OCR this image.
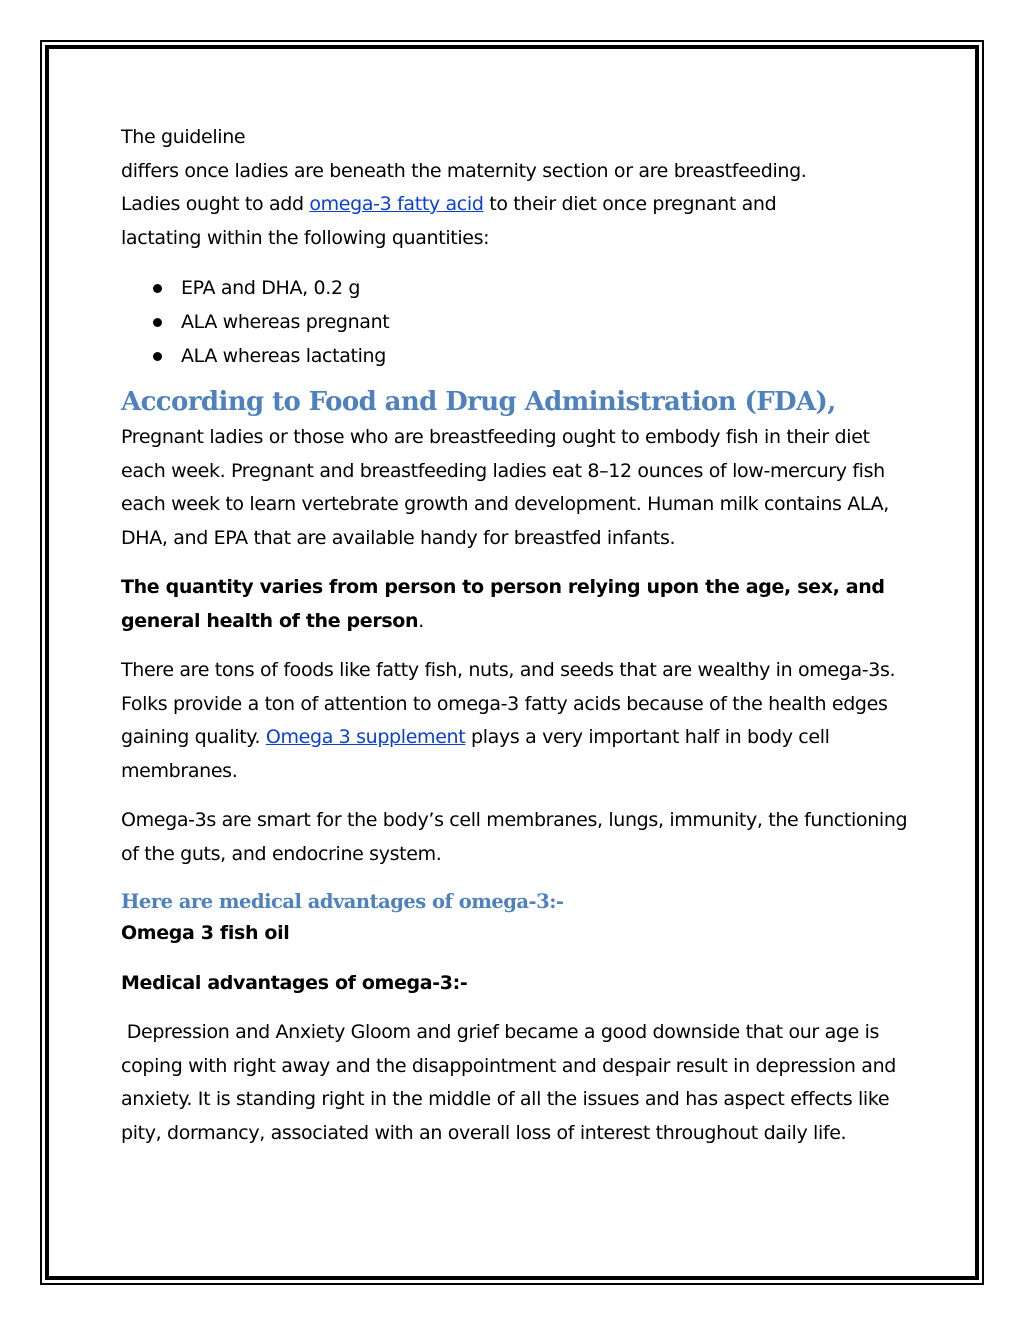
The guideline
differs once ladies are beneath the maternity section or are breastfeeding.
Ladies ought to add omega-3 fatty acid to their diet once pregnant and
lactating within the following quantities:

EPA and DHA, 0.2 g
ALA whereas pregnant
ALA whereas lactating

According to Food and Drug Administration (FDA),

Pregnant ladies or those who are breastfeeding ought to embody fish in their diet each week. Pregnant and breastfeeding ladies eat 8–12 ounces of low-mercury fish each week to learn vertebrate growth and development. Human milk contains ALA, DHA, and EPA that are available handy for breastfed infants.

The quantity varies from person to person relying upon the age, sex, and general health of the person.

There are tons of foods like fatty fish, nuts, and seeds that are wealthy in omega-3s. Folks provide a ton of attention to omega-3 fatty acids because of the health edges gaining quality. Omega 3 supplement plays a very important half in body cell membranes.

Omega-3s are smart for the body’s cell membranes, lungs, immunity, the functioning of the guts, and endocrine system.

Here are medical advantages of omega-3:-

Omega 3 fish oil

Medical advantages of omega-3:-

Depression and Anxiety Gloom and grief became a good downside that our age is coping with right away and the disappointment and despair result in depression and anxiety. It is standing right in the middle of all the issues and has aspect effects like pity, dormancy, associated with an overall loss of interest throughout daily life.
